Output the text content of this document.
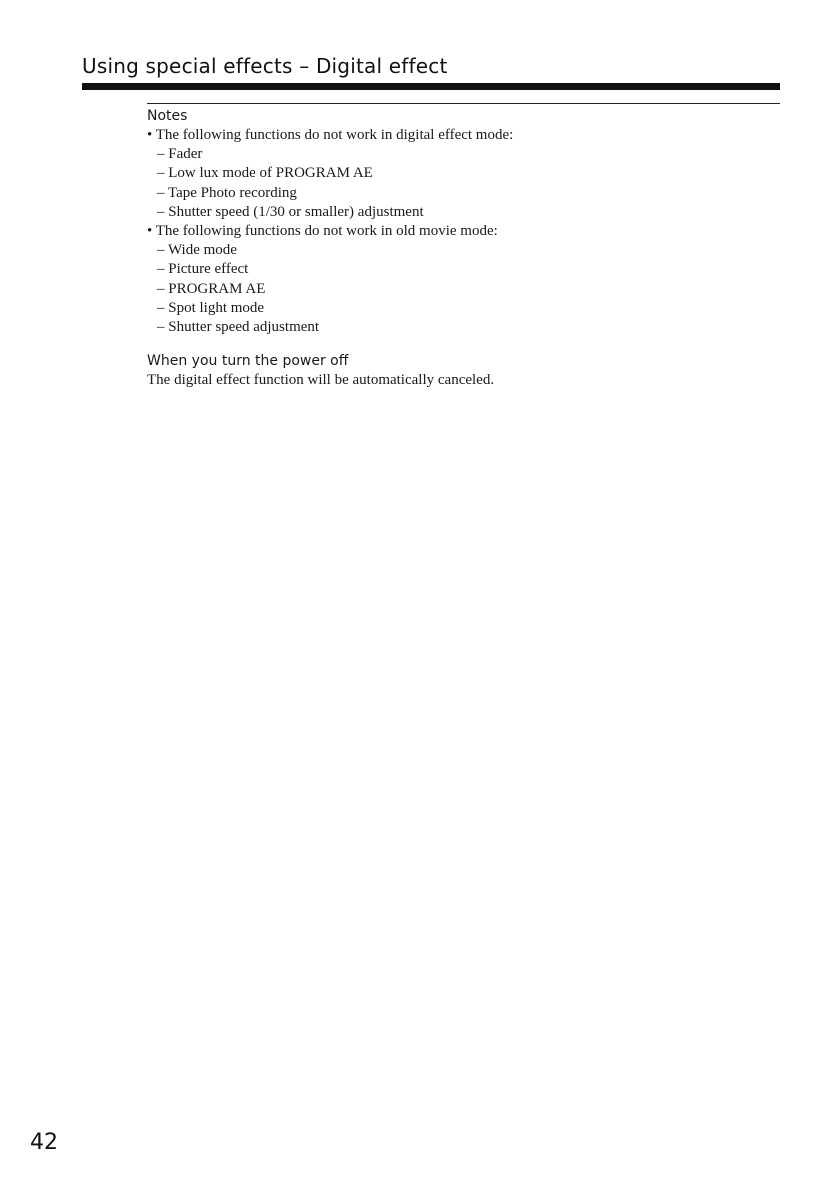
Using special effects – Digital effect
Notes
• The following functions do not work in digital effect mode:
– Fader
– Low lux mode of PROGRAM AE
– Tape Photo recording
– Shutter speed (1/30 or smaller) adjustment
• The following functions do not work in old movie mode:
– Wide mode
– Picture effect
– PROGRAM AE
– Spot light mode
– Shutter speed adjustment
When you turn the power off
The digital effect function will be automatically canceled.
42
